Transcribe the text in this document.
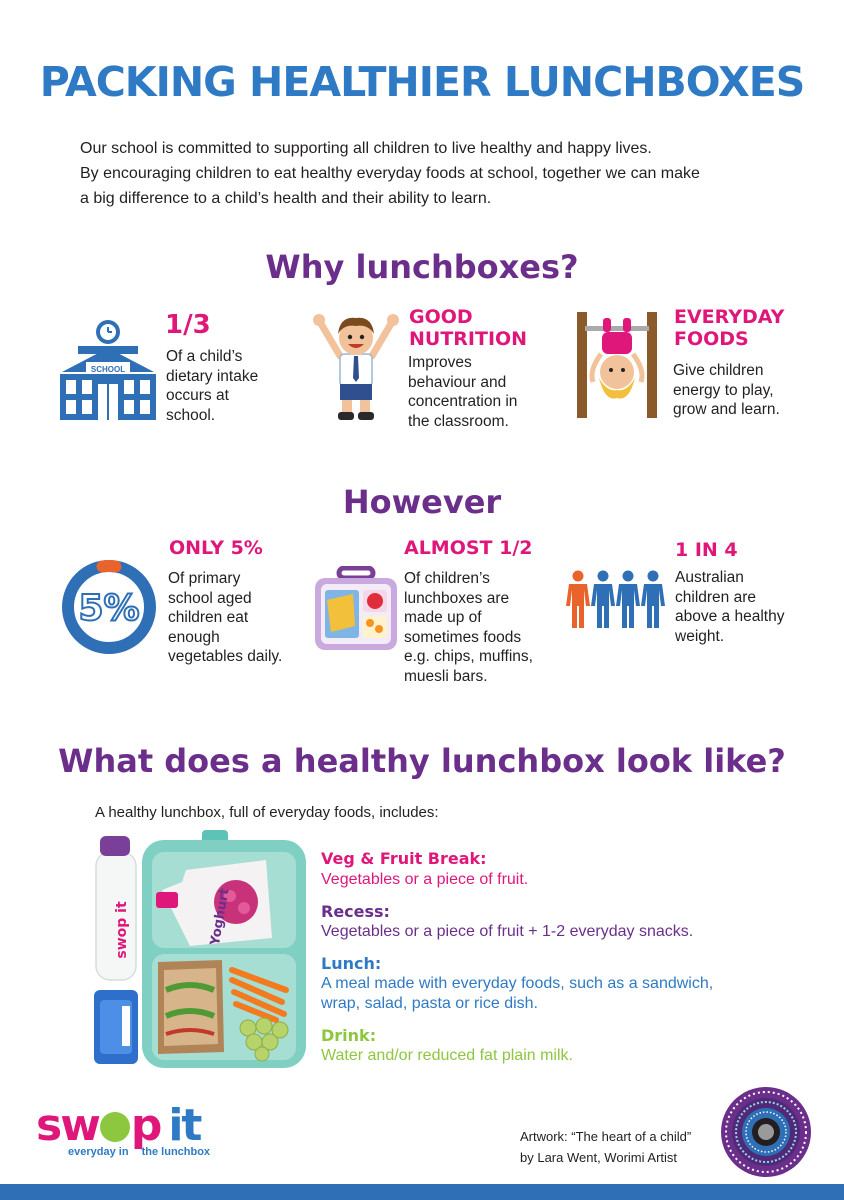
PACKING HEALTHIER LUNCHBOXES
Our school is committed to supporting all children to live healthy and happy lives.
By encouraging children to eat healthy everyday foods at school, together we can make
a big difference to a child’s health and their ability to learn.
Why lunchboxes?
SCHOOL
1/3
Of a child’s
dietary intake
occurs at
school.
GOOD
NUTRITION
Improves
behaviour and
concentration in
the classroom.
EVERYDAY
FOODS
Give children
energy to play,
grow and learn.
However
5%
ONLY 5%
Of primary
school aged
children eat
enough
vegetables daily.
ALMOST 1/2
Of children’s
lunchboxes are
made up of
sometimes foods
e.g. chips, muffins,
muesli bars.
1 IN 4
Australian
children are
above a healthy
weight.
What does a healthy lunchbox look like?
A healthy lunchbox, full of everyday foods, includes:
swop it	Yoghurt
Veg & Fruit Break:
Vegetables or a piece of fruit.
Recess:
Vegetables or a piece of fruit + 1-2 everyday snacks.
Lunch:
A meal made with everyday foods, such as a sandwich,
wrap, salad, pasta or rice dish.
Drink:
Water and/or reduced fat plain milk.
sw p it
everyday in the lunchbox
Artwork: “The heart of a child”
by Lara Went, Worimi Artist
